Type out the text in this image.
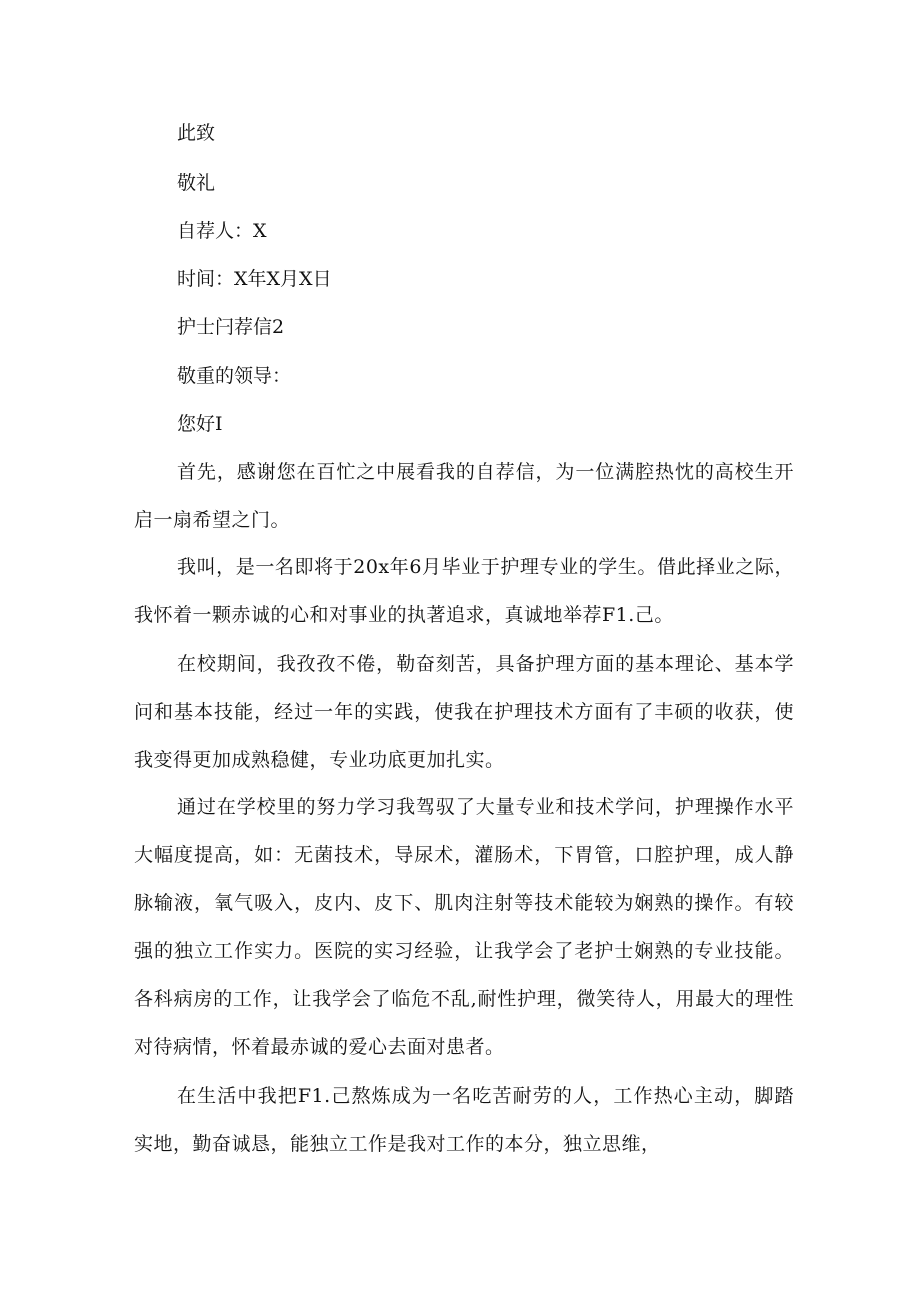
此致
敬礼
自荐人：X
时间：X年X月X日
护士闩荐信2
敬重的领导：
您好I
首先，感谢您在百忙之中展看我的自荐信，为一位满腔热忱的高校生开启一扇希望之门。
我叫，是一名即将于20x年6月毕业于护理专业的学生。借此择业之际，我怀着一颗赤诚的心和对事业的执著追求，真诚地举荐F1.己。
在校期间，我孜孜不倦，勒奋刻苦，具备护理方面的基本理论、基本学问和基本技能，经过一年的实践，使我在护理技术方面有了丰硕的收获，使我变得更加成熟稳健，专业功底更加扎实。
通过在学校里的努力学习我驾驭了大量专业和技术学问，护理操作水平大幅度提高，如：无菌技术，导尿术，灌肠术，下胃管，口腔护理，成人静脉输液，氧气吸入，皮内、皮下、肌肉注射等技术能较为娴熟的操作。有较强的独立工作实力。医院的实习经验，让我学会了老护士娴熟的专业技能。各科病房的工作，让我学会了临危不乱,耐性护理，微笑待人，用最大的理性对待病情，怀着最赤诚的爱心去面对患者。
在生活中我把F1.己熬炼成为一名吃苦耐劳的人，工作热心主动，脚踏实地，勤奋诚恳，能独立工作是我对工作的本分，独立思维，
